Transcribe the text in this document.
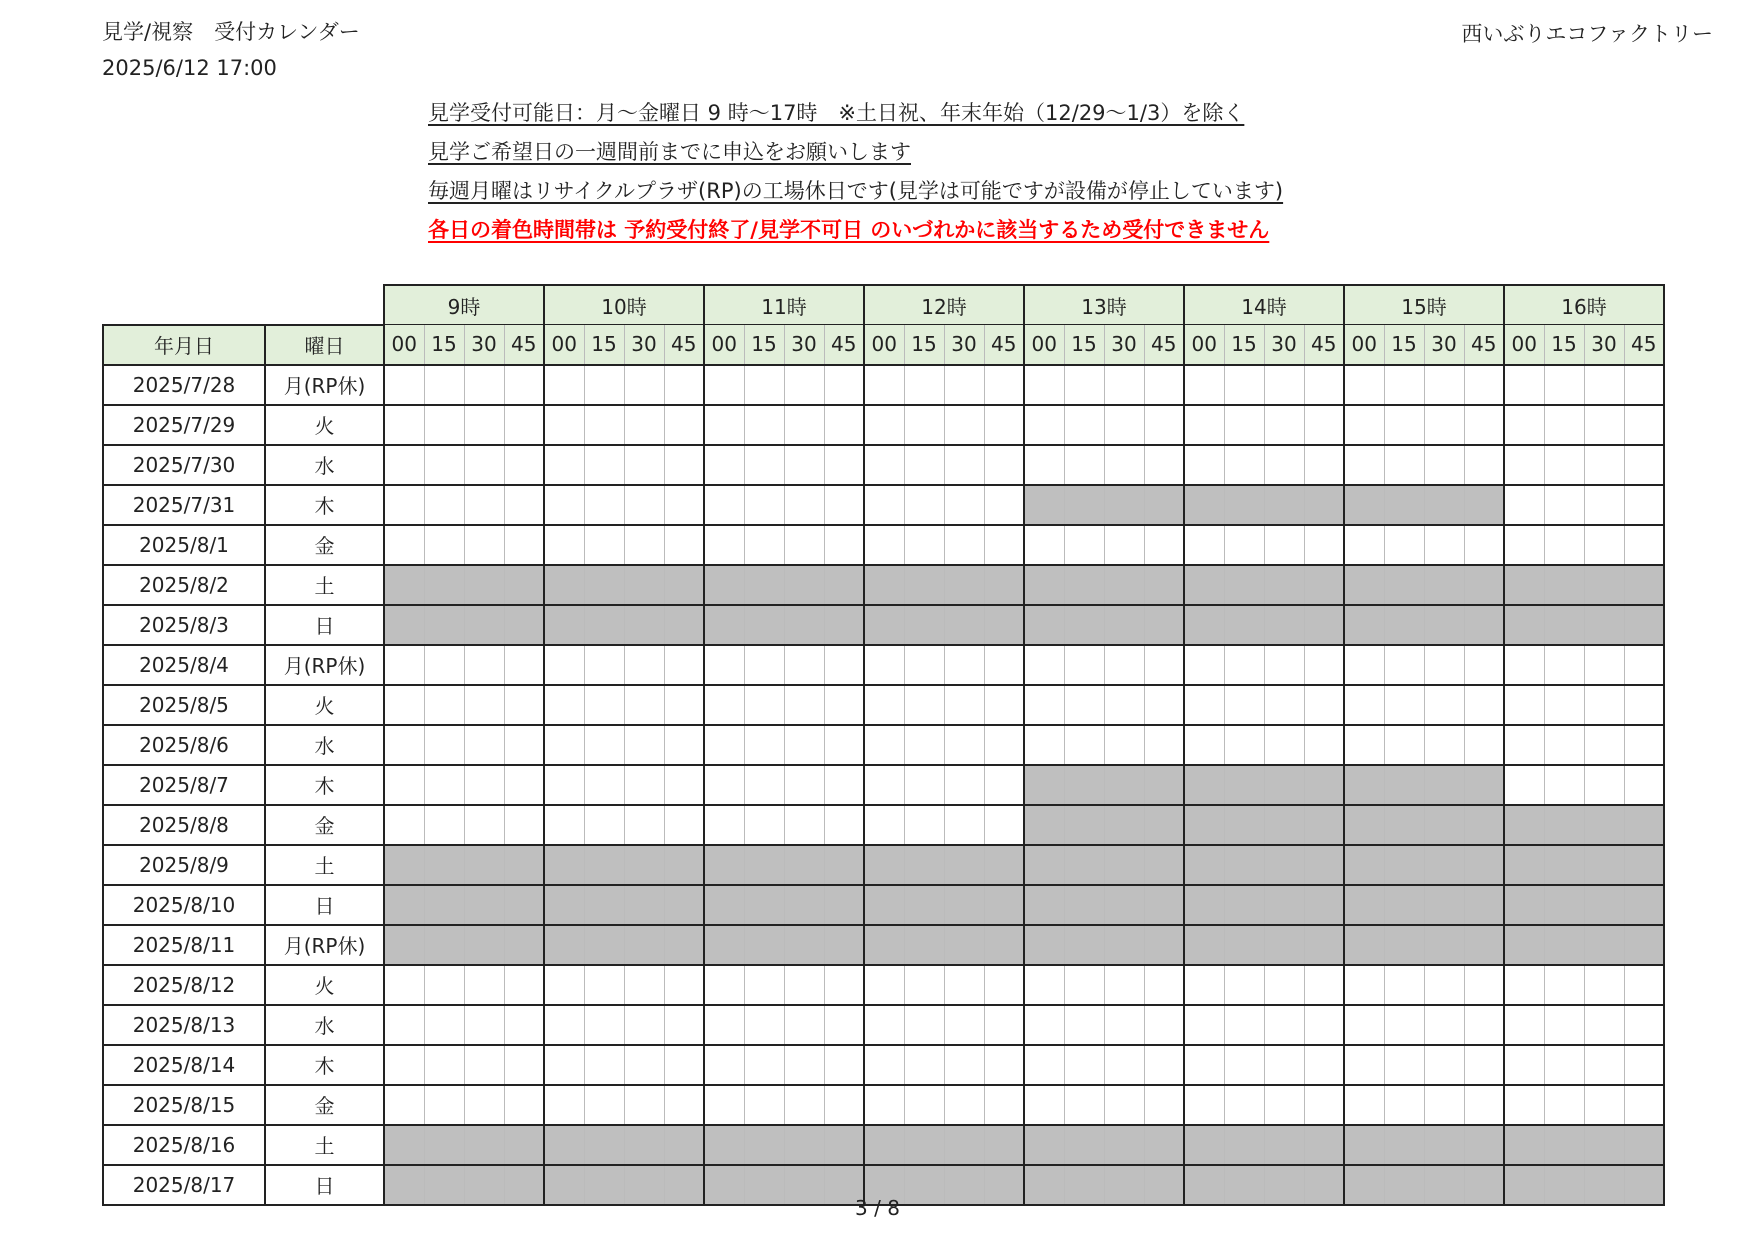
見学/視察　受付カレンダー
2025/6/12 17:00
西いぶりエコファクトリー
見学受付可能日：月～金曜日 9 時～17時　※土日祝、年末年始（12/29～1/3）を除く
見学ご希望日の一週間前までに申込をお願いします
毎週月曜はリサイクルプラザ(RP)の工場休日です(見学は可能ですが設備が停止しています)
各日の着色時間帯は 予約受付終了/見学不可日 のいづれかに該当するため受付できません
		9時				10時				11時				12時				13時				14時				15時				16時			
年月日	曜日	00	15	30	45	00	15	30	45	00	15	30	45	00	15	30	45	00	15	30	45	00	15	30	45	00	15	30	45	00	15	30	45
2025/7/28	月(RP休)																																
2025/7/29	火																																
2025/7/30	水																																
2025/7/31	木																																
2025/8/1	金																																
2025/8/2	土																																
2025/8/3	日																																
2025/8/4	月(RP休)																																
2025/8/5	火																																
2025/8/6	水																																
2025/8/7	木																																
2025/8/8	金																																
2025/8/9	土																																
2025/8/10	日																																
2025/8/11	月(RP休)																																
2025/8/12	火																																
2025/8/13	水																																
2025/8/14	木																																
2025/8/15	金																																
2025/8/16	土																																
2025/8/17	日																																
3 / 8
